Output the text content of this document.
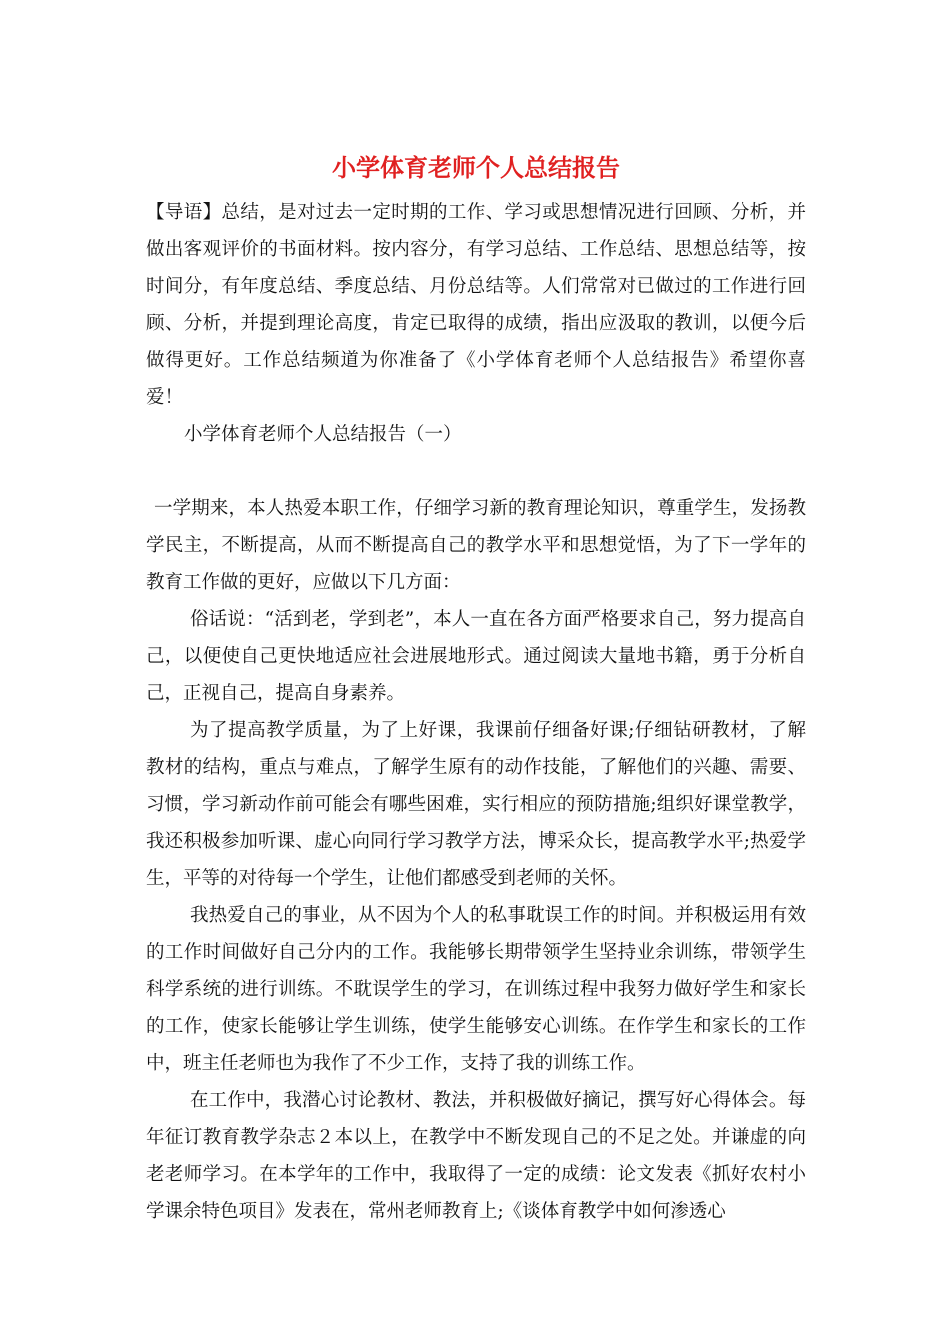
小学体育老师个人总结报告

【导语】总结，是对过去一定时期的工作、学习或思想情况进行回顾、分析，并做出客观评价的书面材料。按内容分，有学习总结、工作总结、思想总结等，按时间分，有年度总结、季度总结、月份总结等。人们常常对已做过的工作进行回顾、分析，并提到理论高度，肯定已取得的成绩，指出应汲取的教训，以便今后做得更好。工作总结频道为你准备了《小学体育老师个人总结报告》希望你喜爱！

小学体育老师个人总结报告（一）

一学期来，本人热爱本职工作，仔细学习新的教育理论知识，尊重学生，发扬教学民主，不断提高，从而不断提高自己的教学水平和思想觉悟，为了下一学年的教育工作做的更好，应做以下几方面：

俗话说：“活到老，学到老”，本人一直在各方面严格要求自己，努力提高自己，以便使自己更快地适应社会进展地形式。通过阅读大量地书籍，勇于分析自己，正视自己，提高自身素养。

为了提高教学质量，为了上好课，我课前仔细备好课;仔细钻研教材，了解教材的结构，重点与难点，了解学生原有的动作技能，了解他们的兴趣、需要、习惯，学习新动作前可能会有哪些困难，实行相应的预防措施;组织好课堂教学，我还积极参加听课、虚心向同行学习教学方法，博采众长，提高教学水平;热爱学生，平等的对待每一个学生，让他们都感受到老师的关怀。

我热爱自己的事业，从不因为个人的私事耽误工作的时间。并积极运用有效的工作时间做好自己分内的工作。我能够长期带领学生坚持业余训练，带领学生科学系统的进行训练。不耽误学生的学习，在训练过程中我努力做好学生和家长的工作，使家长能够让学生训练，使学生能够安心训练。在作学生和家长的工作中，班主任老师也为我作了不少工作，支持了我的训练工作。

在工作中，我潜心讨论教材、教法，并积极做好摘记，撰写好心得体会。每年征订教育教学杂志２本以上，在教学中不断发现自己的不足之处。并谦虚的向老老师学习。在本学年的工作中，我取得了一定的成绩：论文发表《抓好农村小学课余特色项目》发表在，常州老师教育上;《谈体育教学中如何渗透心
